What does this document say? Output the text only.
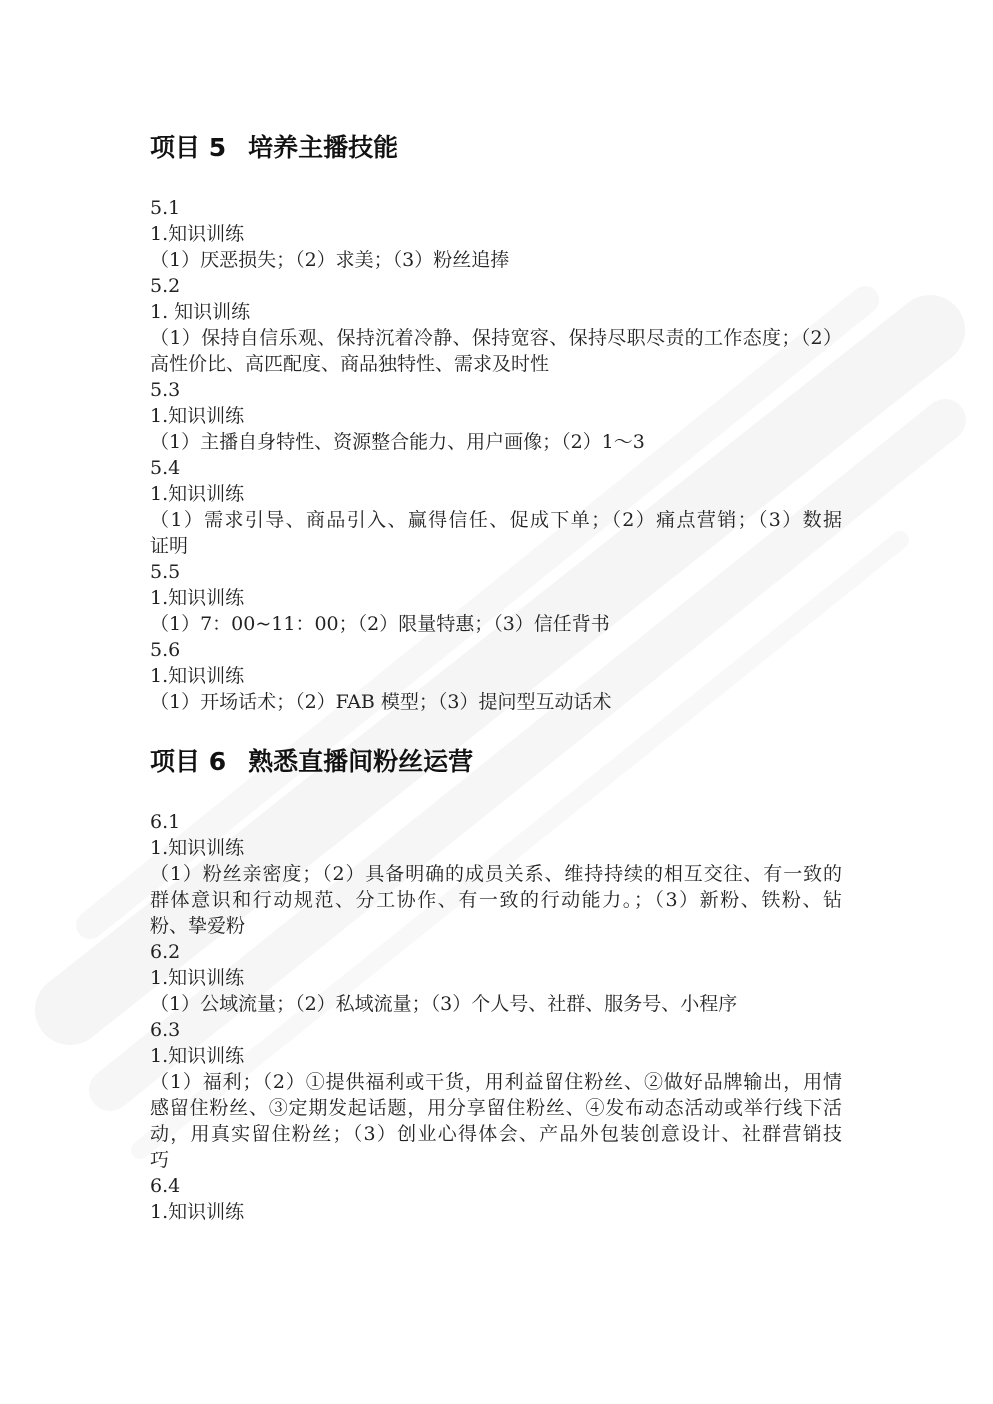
项目 5 培养主播技能
5.1
1.知识训练
（1）厌恶损失；（2）求美；（3）粉丝追捧
5.2
1. 知识训练
（1）保持自信乐观、保持沉着冷静、保持宽容、保持尽职尽责的工作态度；（2）
高性价比、高匹配度、商品独特性、需求及时性
5.3
1.知识训练
（1）主播自身特性、资源整合能力、用户画像；（2）1～3
5.4
1.知识训练
（1）需求引导、商品引入、赢得信任、促成下单；（2）痛点营销；（3）数据
证明
5.5
1.知识训练
（1）7：00~11：00；（2）限量特惠；（3）信任背书
5.6
1.知识训练
（1）开场话术；（2）FAB 模型；（3）提问型互动话术
项目 6 熟悉直播间粉丝运营
6.1
1.知识训练
（1）粉丝亲密度；（2）具备明确的成员关系、维持持续的相互交往、有一致的
群体意识和行动规范、分工协作、有一致的行动能力。；（3）新粉、铁粉、钻
粉、挚爱粉
6.2
1.知识训练
（1）公域流量；（2）私域流量；（3）个人号、社群、服务号、小程序
6.3
1.知识训练
（1）福利；（2）①提供福利或干货，用利益留住粉丝、②做好品牌输出，用情
感留住粉丝、③定期发起话题，用分享留住粉丝、④发布动态活动或举行线下活
动，用真实留住粉丝；（3）创业心得体会、产品外包装创意设计、社群营销技
巧
6.4
1.知识训练
